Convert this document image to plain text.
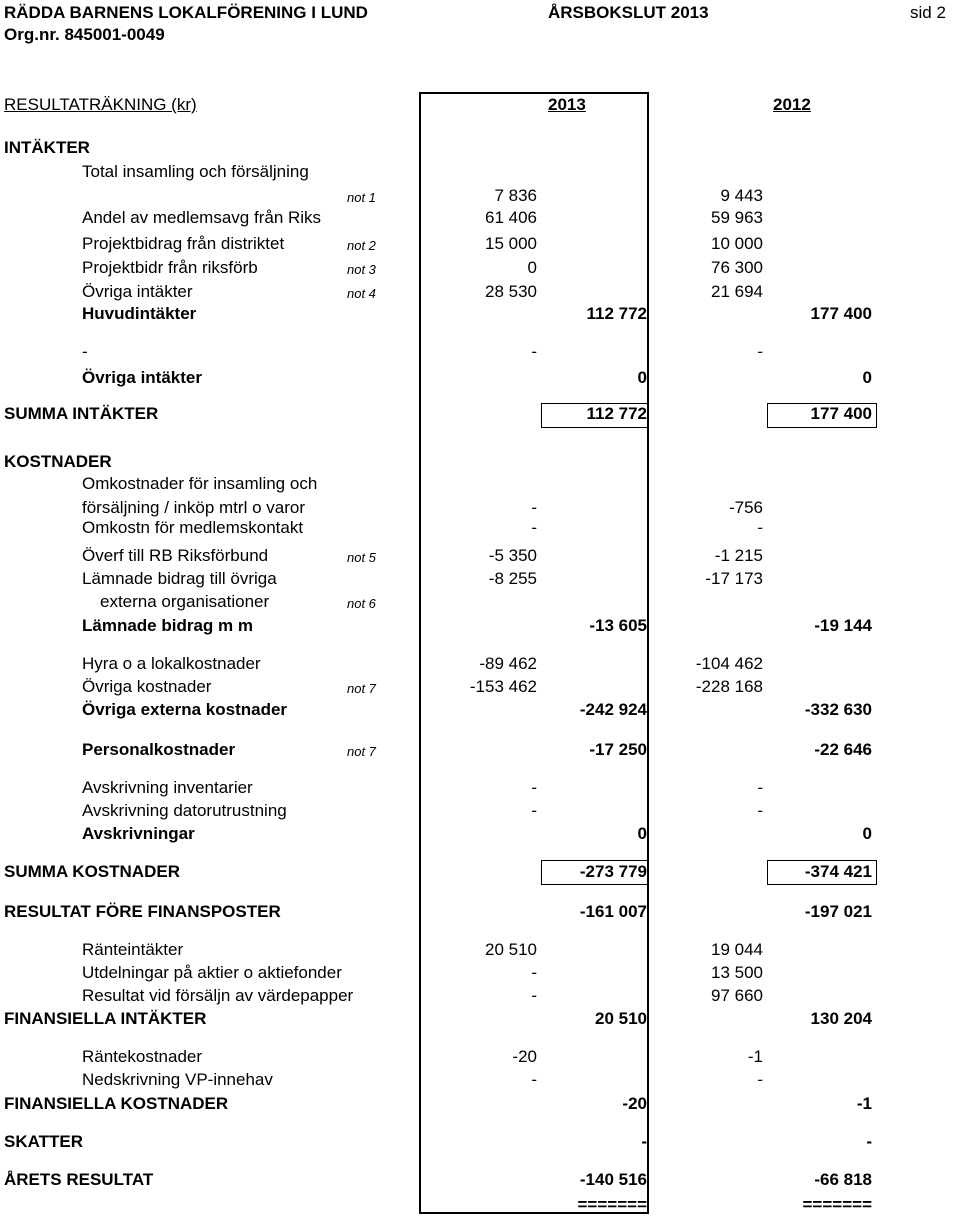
RÄDDA BARNENS LOKALFÖRENING I LUND	ÅRSBOKSLUT 2013	sid 2
Org.nr. 845001-0049
RESULTATRÄKNING (kr)	2013	2012
INTÄKTER
Total insamling och försäljning
not 1	7 836	9 443
Andel av medlemsavg från Riks	61 406	59 963
Projektbidrag från distriktet	not 2	15 000	10 000
Projektbidr från riksförb	not 3	0	76 300
Övriga intäkter	not 4	28 530	21 694
Huvudintäkter	112 772	177 400
-	-	-
Övriga intäkter	0	0
SUMMA INTÄKTER	112 772	177 400
KOSTNADER
Omkostnader för insamling och
försäljning / inköp mtrl o varor	-	-756
Omkostn för medlemskontakt	-	-
Överf till RB Riksförbund	not 5	-5 350	-1 215
Lämnade bidrag till övriga	-8 255	-17 173
externa organisationer	not 6
Lämnade bidrag m m	-13 605	-19 144
Hyra o a lokalkostnader	-89 462	-104 462
Övriga kostnader	not 7	-153 462	-228 168
Övriga externa kostnader	-242 924	-332 630
Personalkostnader	not 7	-17 250	-22 646
Avskrivning inventarier	-	-
Avskrivning datorutrustning	-	-
Avskrivningar	0	0
SUMMA KOSTNADER	-273 779	-374 421
RESULTAT FÖRE FINANSPOSTER	-161 007	-197 021
Ränteintäkter	20 510	19 044
Utdelningar på aktier o aktiefonder	-	13 500
Resultat vid försäljn av värdepapper	-	97 660
FINANSIELLA INTÄKTER	20 510	130 204
Räntekostnader	-20	-1
Nedskrivning VP-innehav	-	-
FINANSIELLA KOSTNADER	-20	-1
SKATTER	-	-
ÅRETS RESULTAT	-140 516	-66 818
=======	=======
